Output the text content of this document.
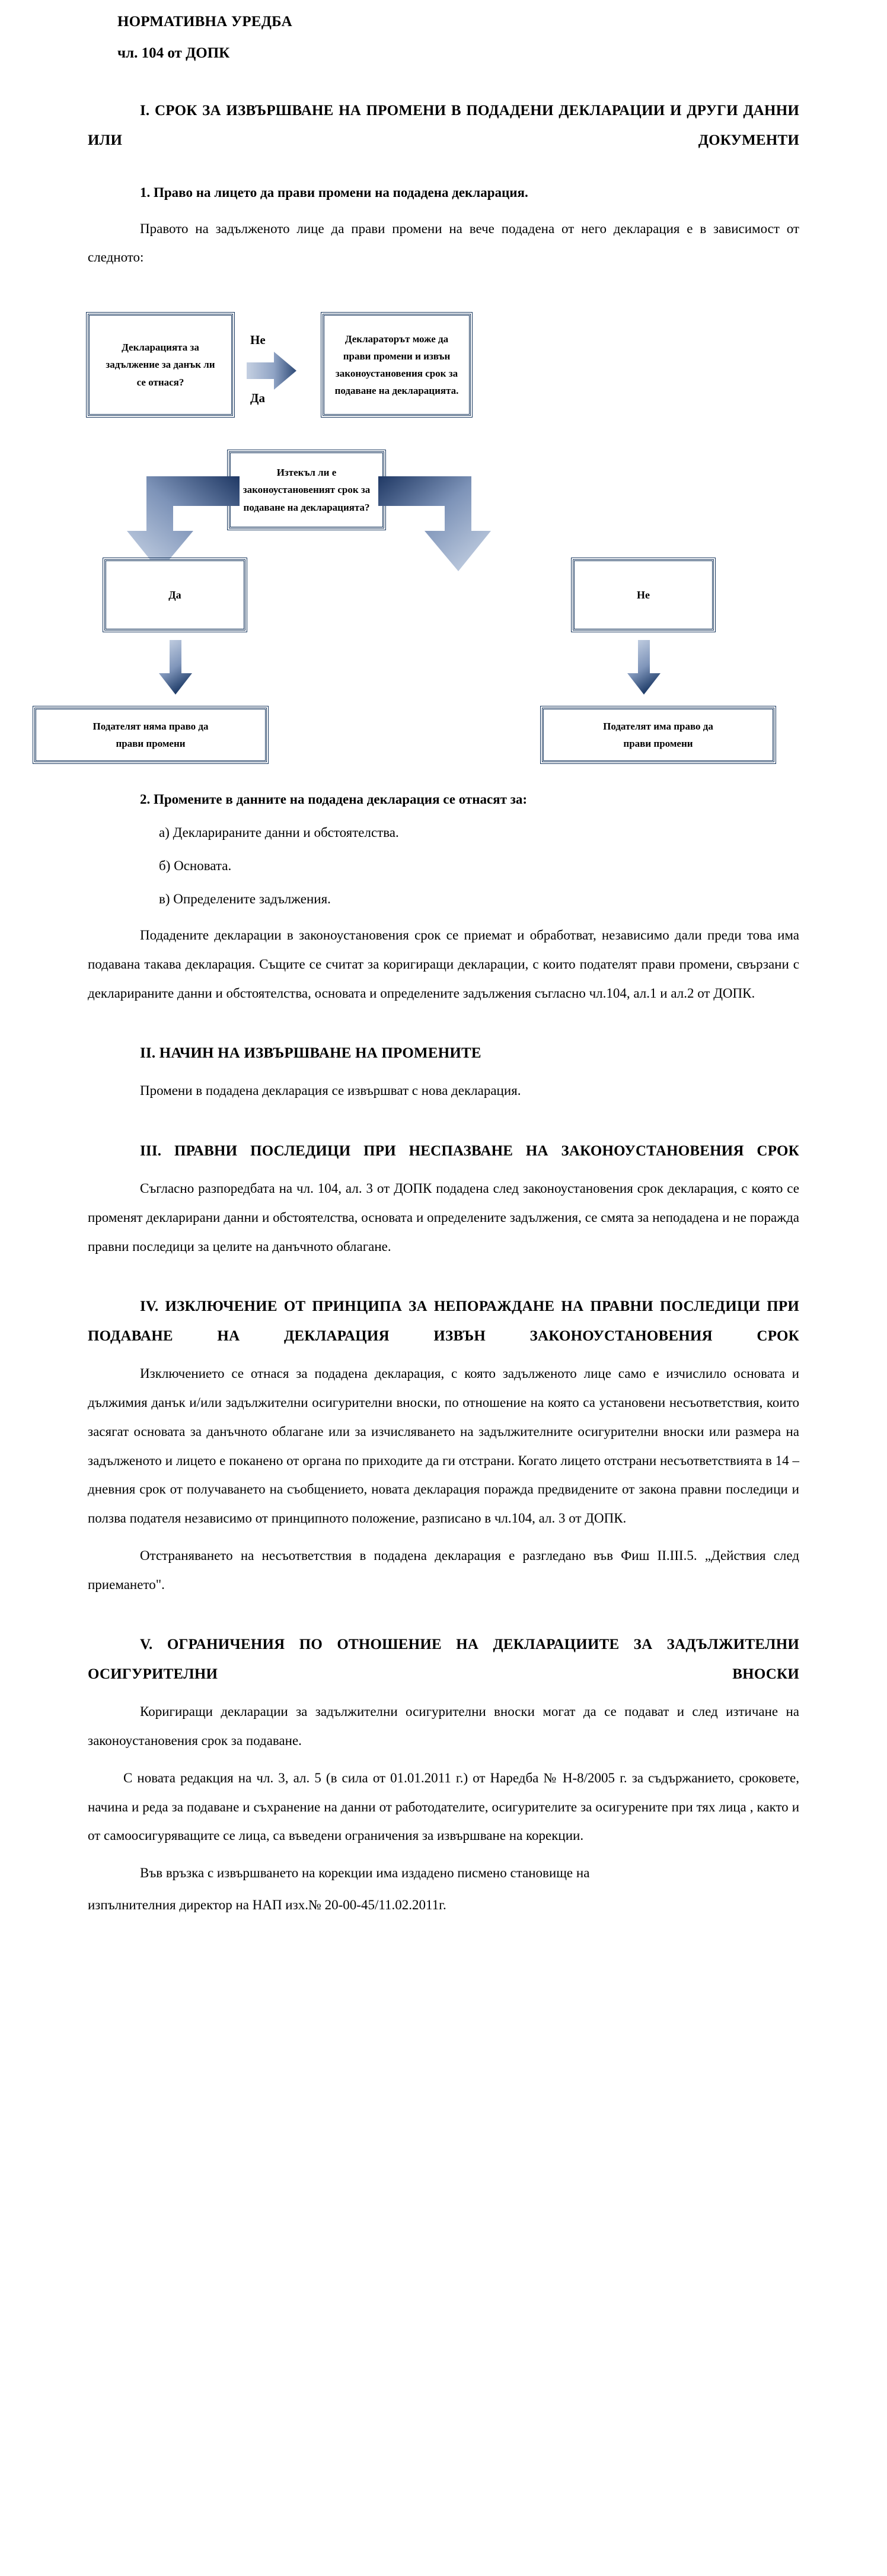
НОРМАТИВНА УРЕДБА
чл. 104 от ДОПК
I. СРОК ЗА ИЗВЪРШВАНЕ НА ПРОМЕНИ В ПОДАДЕНИ ДЕКЛАРАЦИИ И ДРУГИ ДАННИ ИЛИ ДОКУМЕНТИ
1. Право на лицето да прави промени на подадена декларация.

Правото на задълженото лице да прави промени на вече подадена от него декларация е в зависимост от следното:

Декларацията за
задължение за данък ли
се отнася?
Не
Да
Декларaторът може да
прави промени и извън
законоустановения срок за
подаване на декларацията.
Изтекъл ли е
законоустановеният срок за
подаване на декларацията?
Да	Не
Подателят няма право да
прави промени
Подателят има право да
прави промени
2. Промените в данните на подадена декларация се отнасят за:

а) Декларираните данни и обстоятелства.

б) Основата.

в) Определените задължения.

Подадените декларации в законоустановения срок се приемат и обработват, независимо дали преди това има подавана такава декларация. Същите се считат за коригиращи декларации, с които подателят прави промени, свързани с декларираните данни и обстоятелства, основата и определените задължения съгласно чл.104, ал.1 и ал.2 от ДОПК.

II. НАЧИН НА ИЗВЪРШВАНЕ НА ПРОМЕНИТЕ

Промени в подадена декларация се извършват с нова декларация.

III. ПРАВНИ ПОСЛЕДИЦИ ПРИ НЕСПАЗВАНЕ НА ЗАКОНОУСТАНОВЕНИЯ СРОК

Съгласно разпоредбата на чл. 104, ал. 3 от ДОПК подадена след законоустановения срок декларация, с която се променят декларирани данни и обстоятелства, основата и определените задължения, се смята за неподадена и не поражда правни последици за целите на данъчното облагане.

IV. ИЗКЛЮЧЕНИЕ ОТ ПРИНЦИПА ЗА НЕПОРАЖДАНЕ НА ПРАВНИ ПОСЛЕДИЦИ ПРИ ПОДАВАНЕ НА ДЕКЛАРАЦИЯ ИЗВЪН ЗАКОНОУСТАНОВЕНИЯ СРОК

Изключението се отнася за подадена декларация, с която задълженото лице само е изчислило основата и дължимия данък и/или задължителни осигурителни вноски, по отношение на която са установени несъответствия, които засягат основата за данъчното облагане или за изчисляването на задължителните осигурителни вноски или размера на задълженото и лицето е поканено от органа по приходите да ги отстрани. Когато лицето отстрани несъответствията в 14 – дневния срок от получаването на съобщението, новата декларация поражда предвидените от закона правни последици и ползва подателя независимо от принципното положение, разписано в чл.104, ал. 3 от ДОПК.

Отстраняването на несъответствия в подадена декларация е разгледано във Фиш II.III.5. „Действия след приемането".

V. ОГРАНИЧЕНИЯ ПО ОТНОШЕНИЕ НА ДЕКЛАРАЦИИТЕ ЗА ЗАДЪЛЖИТЕЛНИ ОСИГУРИТЕЛНИ ВНОСКИ

Коригиращи декларации за задължителни осигурителни вноски могат да се подават и след изтичане на законоустановения срок за подаване.

С новата редакция на чл. 3, ал. 5 (в сила от 01.01.2011 г.) от Наредба № Н-8/2005 г. за съдържанието, сроковете, начина и реда за подаване и съхранение на данни от работодателите, осигурителите за осигурените при тях лица , както и от самоосигуряващите се лица, са въведени ограничения за извършване на корекции.

Във връзка с извършването на корекции има издадено писмено становище на

изпълнителния директор на НАП изх.№ 20-00-45/11.02.2011г.
